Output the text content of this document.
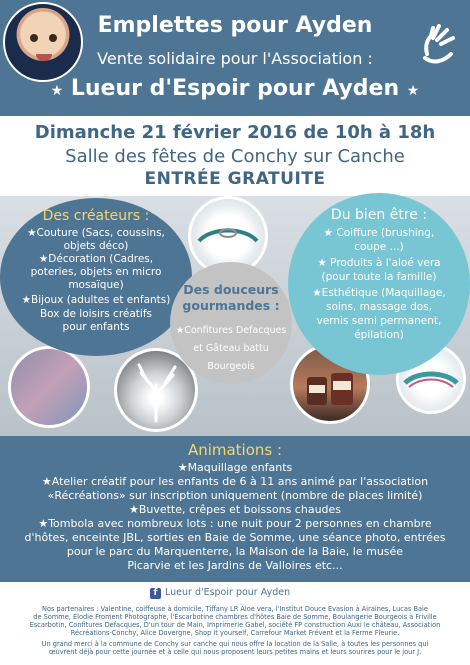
Emplettes pour Ayden
Vente solidaire pour l'Association :
★ Lueur d'Espoir pour Ayden ★
Dimanche 21 février 2016 de 10h à 18h
Salle des fêtes de Conchy sur Canche
ENTRÉE GRATUITE
Des créateurs :
★Couture (Sacs, coussins,
objets déco)
★Décoration (Cadres,
poteries, objets en micro
mosaïque)
★Bijoux (adultes et enfants)
Box de loisirs créatifs
pour enfants
Du bien être :
★ Coiffure (brushing,
coupe ...)
★ Produits à l'aloé vera
(pour toute la famille)
★Esthétique (Maquillage,
soins, massage dos,
vernis semi permanent,
épilation)
Des douceurs
gourmandes :
★Confitures Defacques
et Gâteau battu
Bourgeois
Animations :
★Maquillage enfants
★Atelier créatif pour les enfants de 6 à 11 ans animé par l'association
«Récréations» sur inscription uniquement (nombre de places limité)
★Buvette, crêpes et boissons chaudes
★Tombola avec nombreux lots : une nuit pour 2 personnes en chambre
d'hôtes, enceinte JBL, sorties en Baie de Somme, une séance photo, entrées
pour le parc du Marquenterre, la Maison de la Baie, le musée
Picarvie et les Jardins de Valloires etc...
f Lueur d'Espoir pour Ayden
Nos partenaires : Valentine, coiffeuse à domicile, Tiffany LR Aloe vera, l'Institut Douce Evasion à Airaines, Lucas Baie
de Somme, Elodie Froment Photographe, l'Escarbotine chambres d'hôtes Baie de Somme, Boulangerie Bourgeois à Friville
Escarbotin, Confitures Defacques, D'un tour de Main, Imprimerie Gabel, société FP construction Auxi le château, Association
Récréations-Conchy, Alice Dovergne, Shop it yourself, Carrefour Market Frévent et la Ferme Fleurie.
Un grand merci à la commune de Conchy sur canche qui nous offre la location de la Salle, à toutes les personnes qui
œuvrent déjà pour cette journée et à celle qui nous proposent leurs petites mains et leurs sourires pour le jour J.
